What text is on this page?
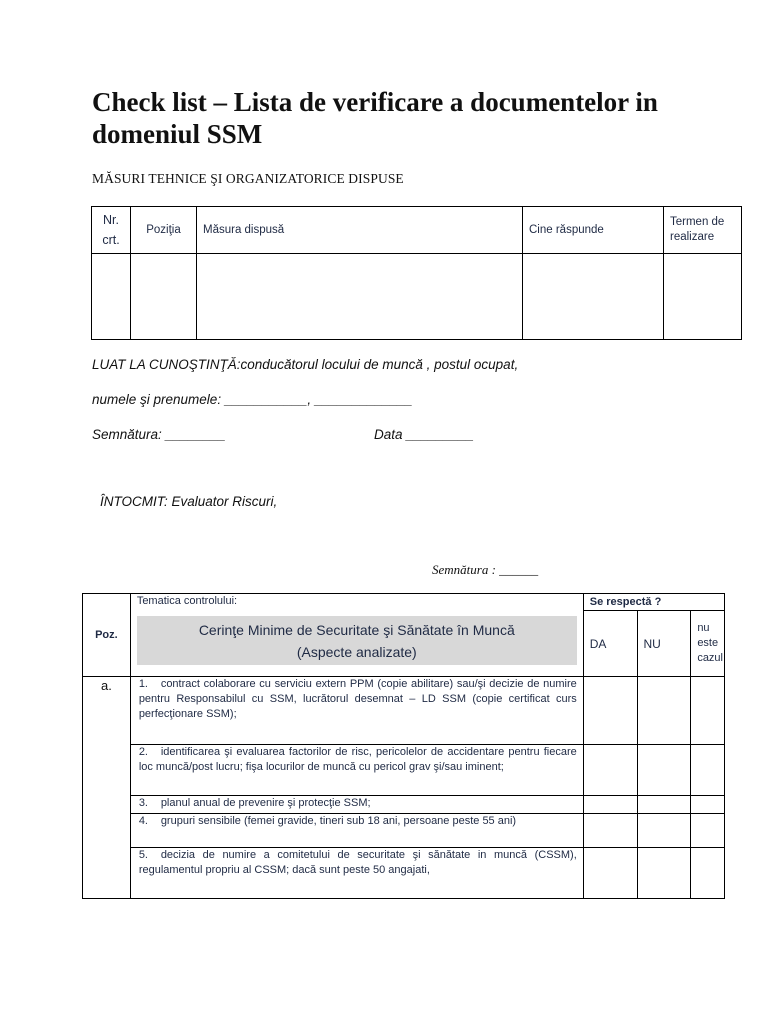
Check list – Lista de verificare a documentelor in domeniul SSM
MĂSURI TEHNICE ŞI ORGANIZATORICE DISPUSE
Nr.
crt.	Poziţia	Măsura dispusă	Cine răspunde	Termen de realizare

LUAT LA CUNOŞTINŢĂ:conducătorul locului de muncă , postul ocupat,
numele şi prenumele: ___________, _____________
Semnătura: ________	Data _________
ÎNTOCMIT: Evaluator Riscuri,
Semnătura : ______
Poz.	Tematica controlului:
Cerinţe Minime de Securitate şi Sănătate în Muncă
(Aspecte analizate)	Se respectă ?		
		DA	NU	nu este cazul
a.	1. contract colaborare cu serviciu extern PPM (copie abilitare) sau/şi decizie de numire pentru Responsabilul cu SSM, lucrătorul desemnat – LD SSM (copie certificat curs perfecţionare SSM);			
	2. identificarea şi evaluarea factorilor de risc, pericolelor de accidentare pentru fiecare loc muncă/post lucru; fişa locurilor de muncă cu pericol grav şi/sau iminent;			
	3. planul anual de prevenire şi protecţie SSM;			
	4. grupuri sensibile (femei gravide, tineri sub 18 ani, persoane peste 55 ani)			
	5. decizia de numire a comitetului de securitate şi sănătate in muncă (CSSM), regulamentul propriu al CSSM; dacă sunt peste 50 angajati,			
